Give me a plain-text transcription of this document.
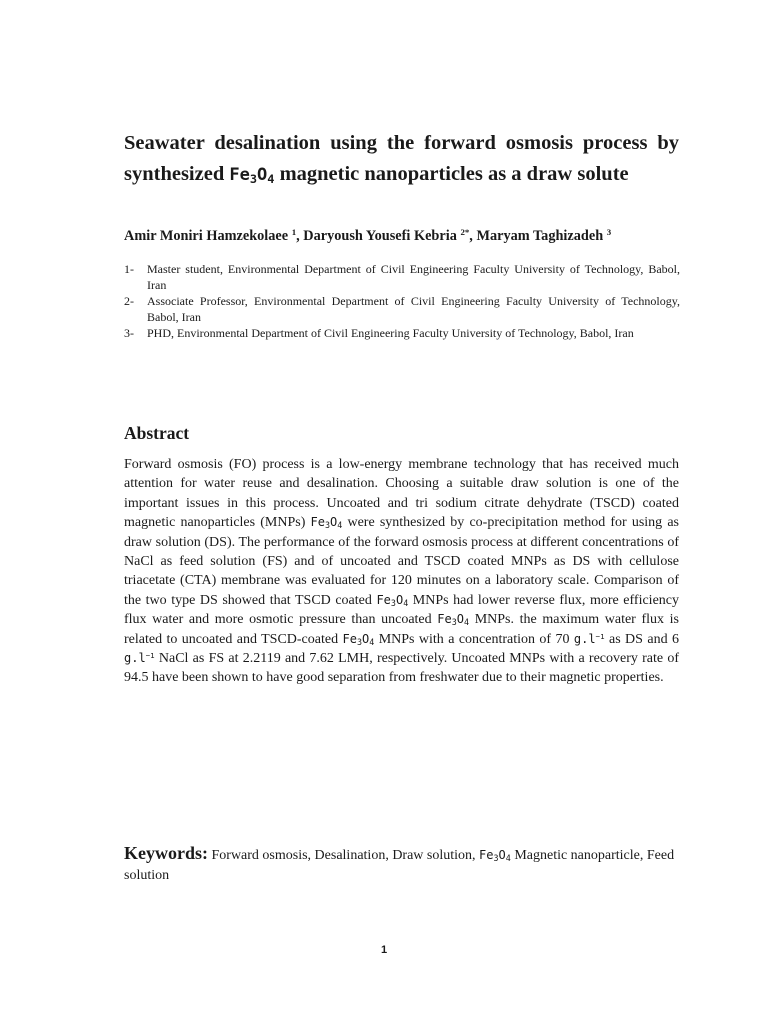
Seawater desalination using the forward osmosis process by
synthesized $Fe_3O_4$ magnetic nanoparticles as a draw solute

Amir Moniri Hamzekolaee $^1$, Daryoush Yousefi Kebria $^{2*}$, Maryam Taghizadeh $^3$

1-	Master student, Environmental Department of Civil Engineering Faculty University of Technology, Babol, Iran
2-	Associate Professor, Environmental Department of Civil Engineering Faculty University of Technology, Babol, Iran
3-	PHD, Environmental Department of Civil Engineering Faculty University of Technology, Babol, Iran
Abstract

Forward osmosis (FO) process is a low-energy membrane technology that has received much attention for water reuse and desalination. Choosing a suitable draw solution is one of the important issues in this process. Uncoated and tri sodium citrate dehydrate (TSCD) coated magnetic nanoparticles (MNPs) $Fe_3O_4$ were synthesized by co-precipitation method for using as draw solution (DS). The performance of the forward osmosis process at different concentrations of NaCl as feed solution (FS) and of uncoated and TSCD coated MNPs as DS with cellulose triacetate (CTA) membrane was evaluated for 120 minutes on a laboratory scale. Comparison of the two type DS showed that TSCD coated $Fe_3O_4$ MNPs had lower reverse flux, more efficiency flux water and more osmotic pressure than uncoated $Fe_3O_4$ MNPs. the maximum water flux is related to uncoated and TSCD-coated $Fe_3O_4$ MNPs with a concentration of 70 $g.l^{-1}$ as DS and 6 $g.l^{-1}$ NaCl as FS at 2.2119 and 7.62 LMH, respectively. Uncoated MNPs with a recovery rate of 94.5 have been shown to have good separation from freshwater due to their magnetic properties.

Keywords: Forward osmosis, Desalination, Draw solution, $Fe_3O_4$ Magnetic nanoparticle, Feed solution

1
